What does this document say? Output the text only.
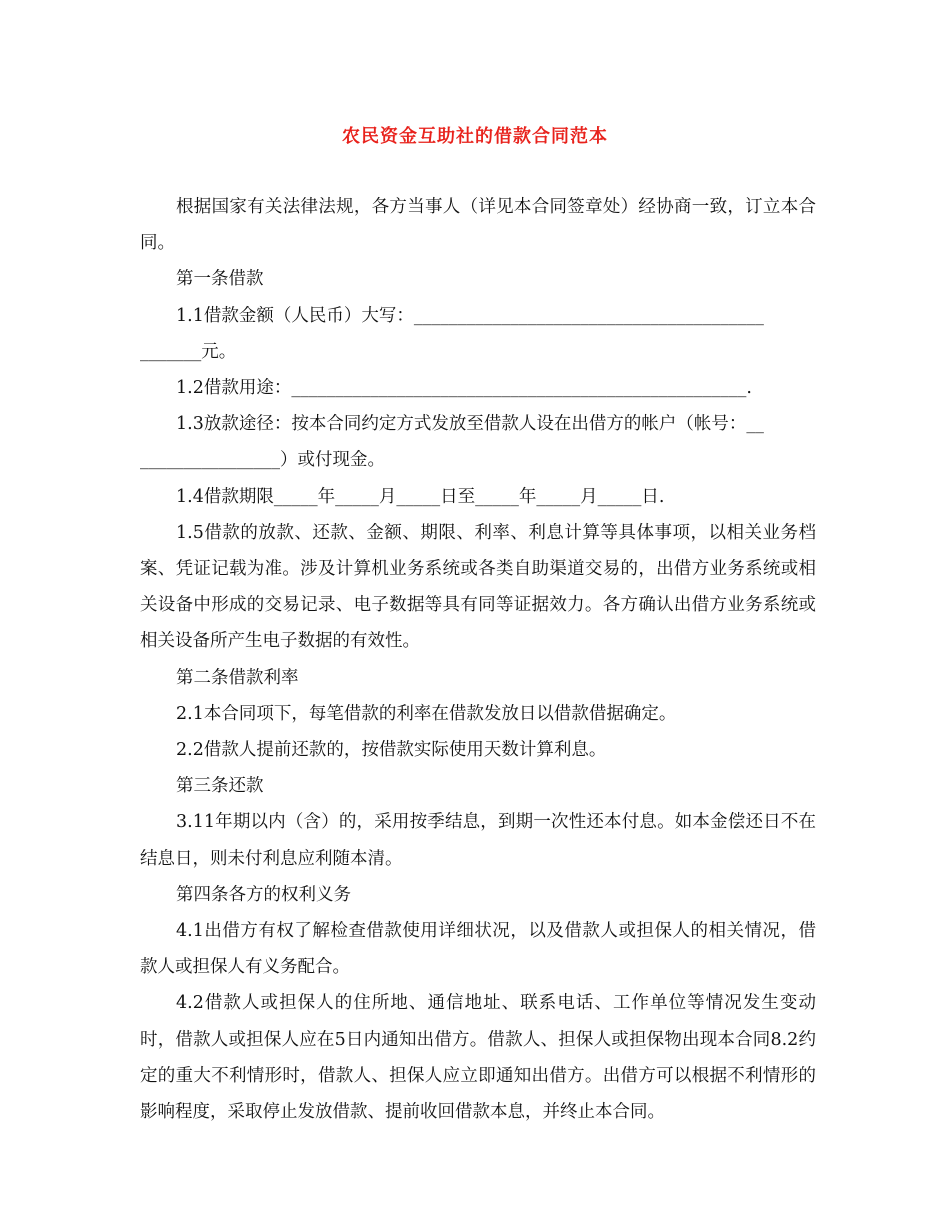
农民资金互助社的借款合同范本

根据国家有关法律法规，各方当事人（详见本合同签章处）经协商一致，订立本合同。

第一条借款

1.1借款金额（人民币）大写：________________________________________
_______元。
1.2借款用途：____________________________________________________.
1.3放款途径：按本合同约定方式发放至借款人设在出借方的帐户（帐号：__
________________）或付现金。
1.4借款期限_____年_____月_____日至_____年_____月_____日.

1.5借款的放款、还款、金额、期限、利率、利息计算等具体事项，以相关业务档案、凭证记载为准。涉及计算机业务系统或各类自助渠道交易的，出借方业务系统或相关设备中形成的交易记录、电子数据等具有同等证据效力。各方确认出借方业务系统或相关设备所产生电子数据的有效性。

第二条借款利率

2.1本合同项下，每笔借款的利率在借款发放日以借款借据确定。

2.2借款人提前还款的，按借款实际使用天数计算利息。

第三条还款

3.11年期以内（含）的，采用按季结息，到期一次性还本付息。如本金偿还日不在结息日，则未付利息应利随本清。

第四条各方的权利义务

4.1出借方有权了解检查借款使用详细状况，以及借款人或担保人的相关情况，借款人或担保人有义务配合。

4.2借款人或担保人的住所地、通信地址、联系电话、工作单位等情况发生变动时，借款人或担保人应在5日内通知出借方。借款人、担保人或担保物出现本合同8.2约定的重大不利情形时，借款人、担保人应立即通知出借方。出借方可以根据不利情形的影响程度，采取停止发放借款、提前收回借款本息，并终止本合同。
